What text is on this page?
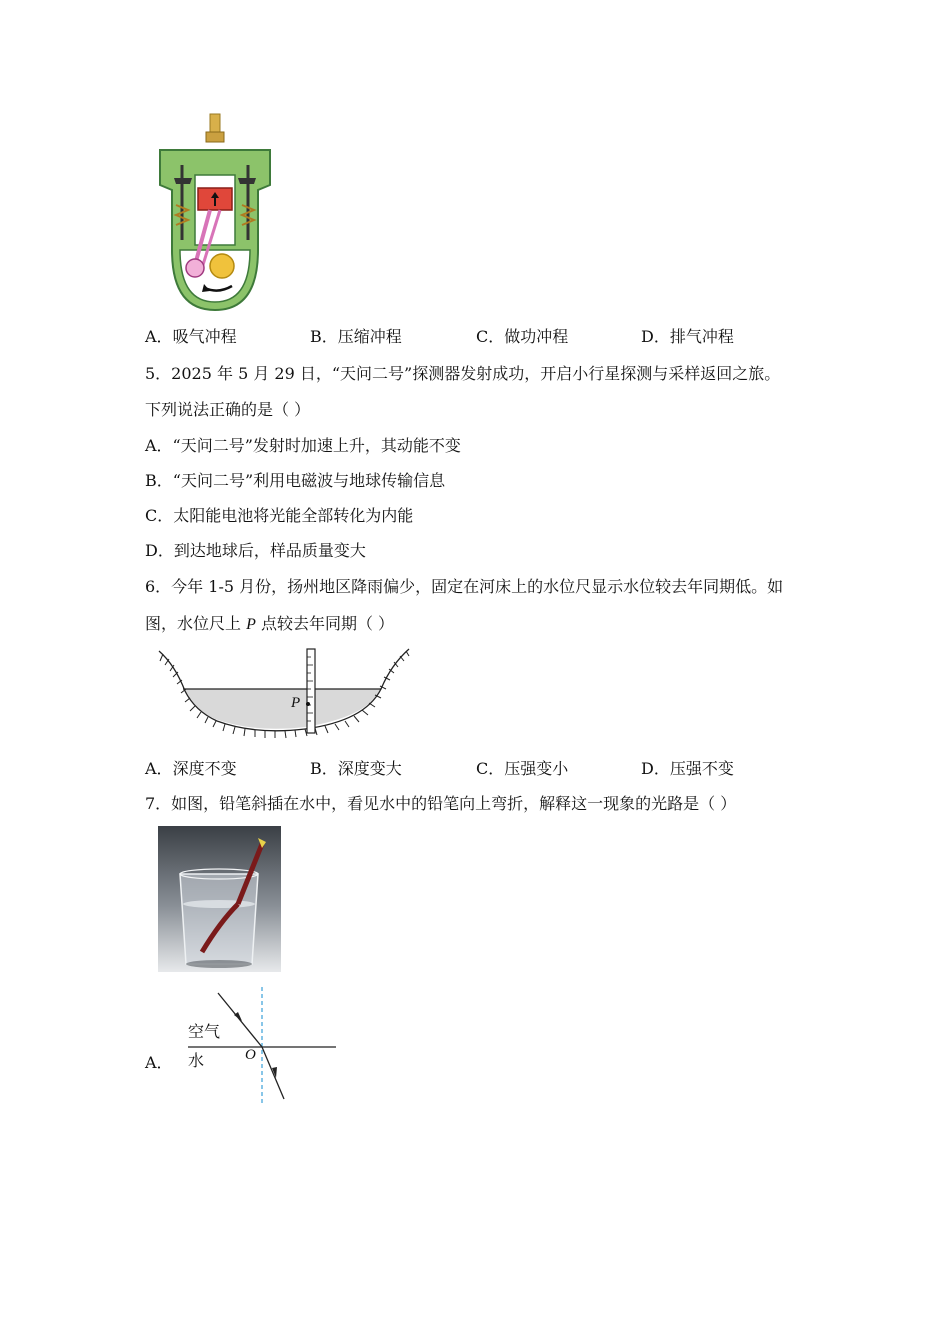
A．吸气冲程	B．压缩冲程	C．做功冲程	D．排气冲程
5．2025 年 5 月 29 日，“天问二号”探测器发射成功，开启小行星探测与采样返回之旅。
下列说法正确的是（ ）
A．“天问二号”发射时加速上升，其动能不变
B．“天问二号”利用电磁波与地球传输信息
C．太阳能电池将光能全部转化为内能
D．到达地球后，样品质量变大
6．今年 1-5 月份，扬州地区降雨偏少，固定在河床上的水位尺显示水位较去年同期低。如
图，水位尺上 P 点较去年同期（ ）
P
A．深度不变	B．深度变大	C．压强变小	D．压强不变
7．如图，铅笔斜插在水中，看见水中的铅笔向上弯折，解释这一现象的光路是（ ）
A．
空气
水	O
